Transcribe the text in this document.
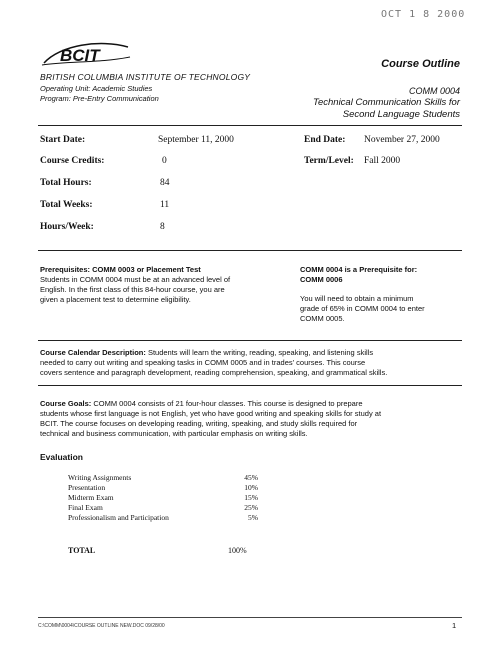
OCT 1 8 2000
BCIT
BRITISH COLUMBIA INSTITUTE OF TECHNOLOGY
Operating Unit: Academic Studies
Program: Pre-Entry Communication
Course Outline
COMM 0004
Technical Communication Skills for
Second Language Students
Start Date:	September 11, 2000	End Date: November 27, 2000
Course Credits:	0	Term/Level: Fall 2000
Total Hours:	84
Total Weeks:	11
Hours/Week:	8
Prerequisites: COMM 0003 or Placement Test
Students in COMM 0004 must be at an advanced level of
English. In the first class of this 84-hour course, you are
given a placement test to determine eligibility.
COMM 0004 is a Prerequisite for:
COMM 0006
You will need to obtain a minimum
grade of 65% in COMM 0004 to enter
COMM 0005.
Course Calendar Description: Students will learn the writing, reading, speaking, and listening skills
needed to carry out writing and speaking tasks in COMM 0005 and in trades' courses. This course
covers sentence and paragraph development, reading comprehension, speaking, and grammatical skills.
Course Goals: COMM 0004 consists of 21 four-hour classes. This course is designed to prepare
students whose first language is not English, yet who have good writing and speaking skills for study at
BCIT. The course focuses on developing reading, writing, speaking, and study skills required for
technical and business communication, with particular emphasis on writing skills.
Evaluation
Writing Assignments	45%
Presentation	10%
Midterm Exam	15%
Final Exam	25%
Professionalism and Participation	5%
TOTAL	100%
C:\COMM\0004\COURSE OUTLINE NEW.DOC 09/28/00	1
